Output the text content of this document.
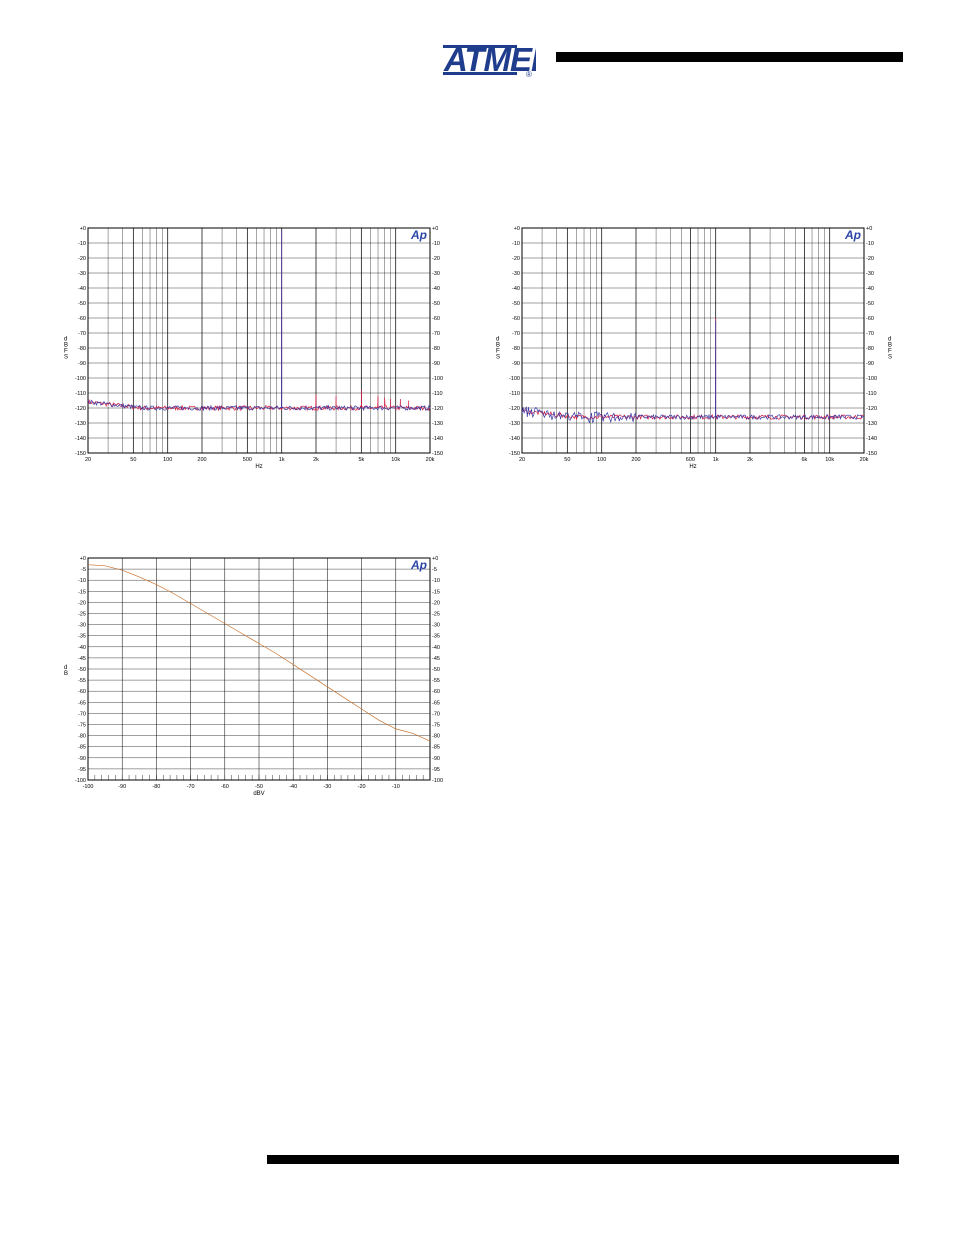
ATME
®
+0	+0
-10	-10
-20	-20
-30	-30
-40	-40
-50	-50
-60	-60
-70	-70
-80	-80
-90	-90
-100	-100
-110	-110
-120	-120
-130	-130
-140	-140
-150	-150
20	50	100	200	500	1k	2k	5k	10k	20k
Hz
d B F S
Ap	+0	+0
-10	-10
-20	-20
-30	-30
-40	-40
-50	-50
-60	-60
-70	-70
-80	-80
-90	-90
-100	-100
-110	-110
-120	-120
-130	-130
-140	-140
-150	-150
20	50	100	200	600	1k	2k	6k	10k	20k
Hz
d B F S
d B F S
Ap
+0	+0
-5	-5
-10	-10
-15	-15
-20	-20
-25	-25
-30	-30
-35	-35
-40	-40
-45	-45
-50	-50
-55	-55
-60	-60
-65	-65
-70	-70
-75	-75
-80	-80
-85	-85
-90	-90
-95	-95
-100	-100
-100	-90	-80	-70	-60	-50	-40	-30	-20	-10
dBV
d B
Ap
